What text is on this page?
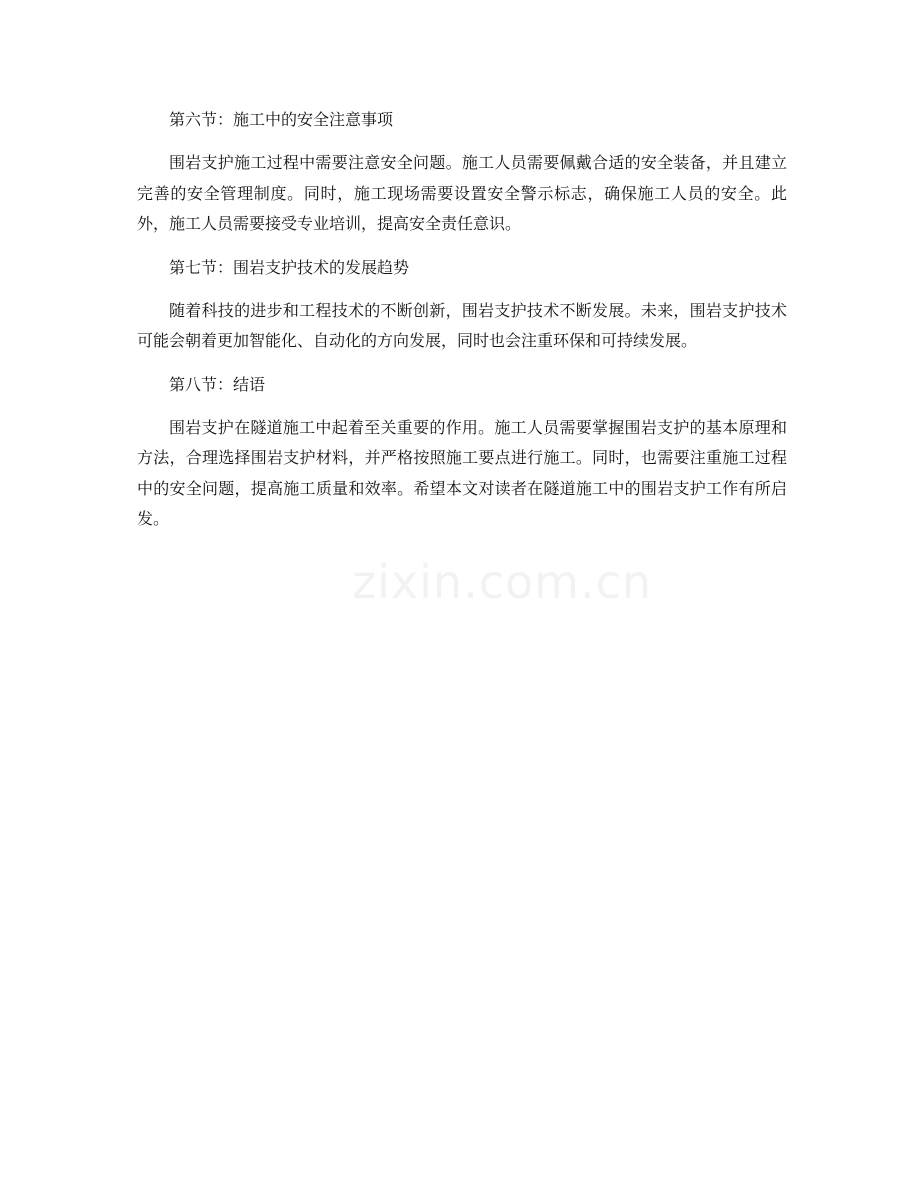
第六节：施工中的安全注意事项

围岩支护施工过程中需要注意安全问题。施工人员需要佩戴合适的安全装备，并且建立完善的安全管理制度。同时，施工现场需要设置安全警示标志，确保施工人员的安全。此外，施工人员需要接受专业培训，提高安全责任意识。

第七节：围岩支护技术的发展趋势

随着科技的进步和工程技术的不断创新，围岩支护技术不断发展。未来，围岩支护技术可能会朝着更加智能化、自动化的方向发展，同时也会注重环保和可持续发展。

第八节：结语

围岩支护在隧道施工中起着至关重要的作用。施工人员需要掌握围岩支护的基本原理和方法，合理选择围岩支护材料，并严格按照施工要点进行施工。同时，也需要注重施工过程中的安全问题，提高施工质量和效率。希望本文对读者在隧道施工中的围岩支护工作有所启发。

zixin.com.cn
